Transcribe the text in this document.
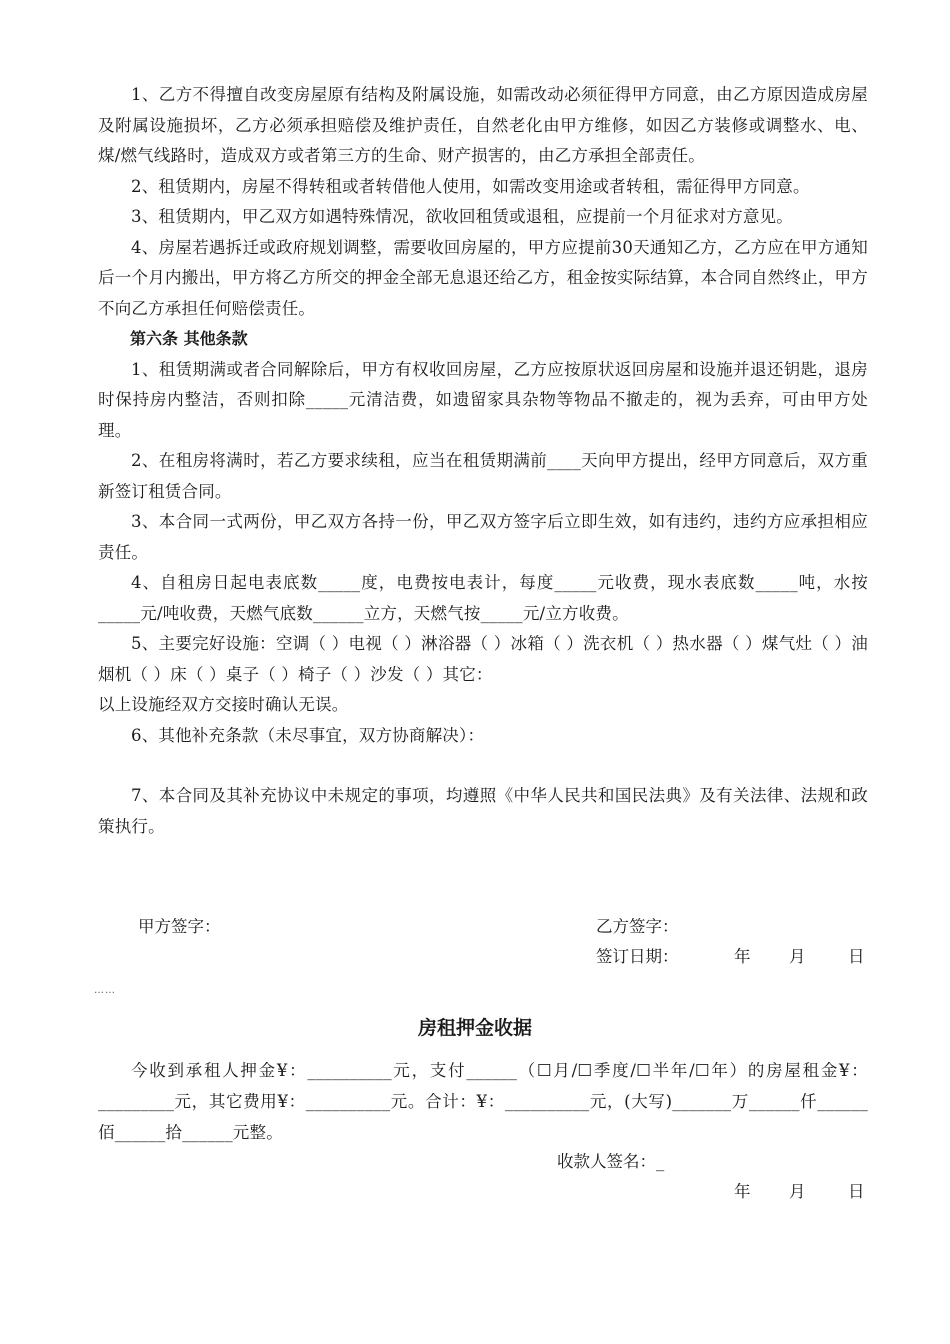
1、乙方不得擅自改变房屋原有结构及附属设施，如需改动必须征得甲方同意，由乙方原因造成房屋及附属设施损坏，乙方必须承担赔偿及维护责任，自然老化由甲方维修，如因乙方装修或调整水、电、煤/燃气线路时，造成双方或者第三方的生命、财产损害的，由乙方承担全部责任。

2、租赁期内，房屋不得转租或者转借他人使用，如需改变用途或者转租，需征得甲方同意。

3、租赁期内，甲乙双方如遇特殊情况，欲收回租赁或退租，应提前一个月征求对方意见。

4、房屋若遇拆迁或政府规划调整，需要收回房屋的，甲方应提前30天通知乙方，乙方应在甲方通知后一个月内搬出，甲方将乙方所交的押金全部无息退还给乙方，租金按实际结算，本合同自然终止，甲方不向乙方承担任何赔偿责任。

第六条 其他条款

1、租赁期满或者合同解除后，甲方有权收回房屋，乙方应按原状返回房屋和设施并退还钥匙，退房时保持房内整洁，否则扣除_____元清洁费，如遗留家具杂物等物品不撤走的，视为丢弃，可由甲方处理。

2、在租房将满时，若乙方要求续租，应当在租赁期满前____天向甲方提出，经甲方同意后，双方重新签订租赁合同。

3、本合同一式两份，甲乙双方各持一份，甲乙双方签字后立即生效，如有违约，违约方应承担相应责任。

4、自租房日起电表底数_____度，电费按电表计，每度_____元收费，现水表底数_____吨，水按_____元/吨收费，天燃气底数______立方，天燃气按_____元/立方收费。

5、主要完好设施：空调（ ）电视（ ）淋浴器（ ）冰箱（ ）洗衣机（ ）热水器（ ）煤气灶（ ）油烟机（ ）床（ ）桌子（ ）椅子（ ）沙发（ ）其它：

以上设施经双方交接时确认无误。

6、其他补充条款（未尽事宜，双方协商解决）：

7、本合同及其补充协议中未规定的事项，均遵照《中华人民共和国民法典》及有关法律、法规和政策执行。

甲方签字：	乙方签字：
签订日期：	年 月	日
……
房租押金收据

今收到承租人押金¥：__________元，支付______（☐月/☐季度/☐半年/☐年）的房屋租金¥：_________元，其它费用¥：__________元。合计：¥：__________元，(大写)_______万______仟______佰______拾______元整。

收款人签名：_
年 月	日
